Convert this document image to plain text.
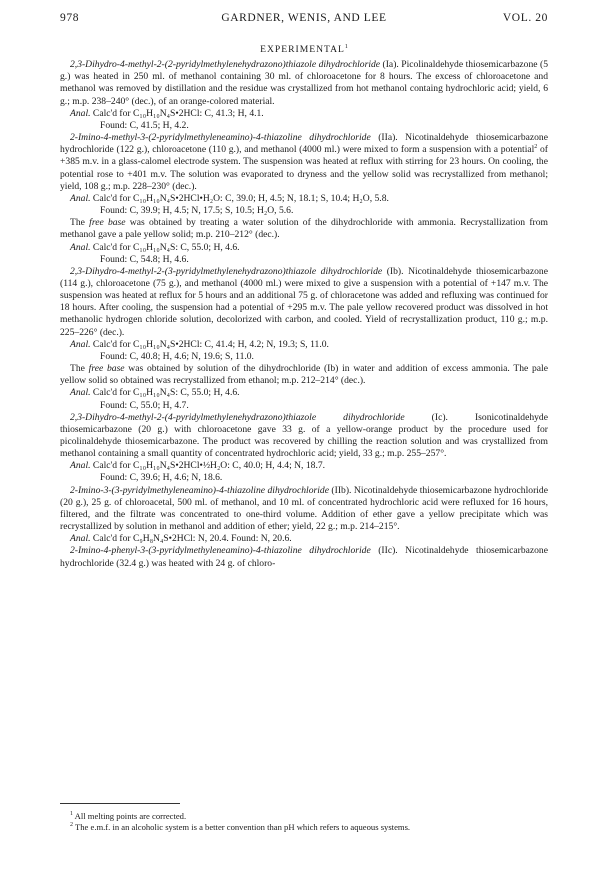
978	GARDNER, WENIS, AND LEE	VOL. 20
EXPERIMENTAL$^1$

2,3-Dihydro-4-methyl-2-(2-pyridylmethylenehydrazono)thiazole dihydrochloride (Ia). Picolinaldehyde thiosemicarbazone (5 g.) was heated in 250 ml. of methanol containing 30 ml. of chloroacetone for 8 hours. The excess of chloroacetone and methanol was removed by distillation and the residue was crystallized from hot methanol containg hydrochloric acid; yield, 6 g.; m.p. 238–240° (dec.), of an orange-colored material.

Anal. Calc'd for C₁₀H₁₀N₄S•2HCl: C, 41.3; H, 4.1.

Found: C, 41.5; H, 4.2.

2-Imino-4-methyl-3-(2-pyridylmethyleneamino)-4-thiazoline dihydrochloride (IIa). Nicotinaldehyde thiosemicarbazone hydrochloride (122 g.), chloroacetone (110 g.), and methanol (4000 ml.) were mixed to form a suspension with a potential$^2$ of +385 m.v. in a glass-calomel electrode system. The suspension was heated at reflux with stirring for 23 hours. On cooling, the potential rose to +401 m.v. The solution was evaporated to dryness and the yellow solid was recrystallized from methanol; yield, 108 g.; m.p. 228–230° (dec.).

Anal. Calc'd for C₁₀H₁₀N₄S•2HCl•H₂O: C, 39.0; H, 4.5; N, 18.1; S, 10.4; H₂O, 5.8.

Found: C, 39.9; H, 4.5; N, 17.5; S, 10.5; H₂O, 5.6.

The free base was obtained by treating a water solution of the dihydrochloride with ammonia. Recrystallization from methanol gave a pale yellow solid; m.p. 210–212° (dec.).

Anal. Calc'd for C₁₀H₁₀N₄S: C, 55.0; H, 4.6.

Found: C, 54.8; H, 4.6.

2,3-Dihydro-4-methyl-2-(3-pyridylmethylenehydrazono)thiazole dihydrochloride (Ib). Nicotinaldehyde thiosemicarbazone (114 g.), chloroacetone (75 g.), and methanol (4000 ml.) were mixed to give a suspension with a potential of +147 m.v. The suspension was heated at reflux for 5 hours and an additional 75 g. of chloracetone was added and refluxing was continued for 18 hours. After cooling, the suspension had a potential of +295 m.v. The pale yellow recovered product was dissolved in hot methanolic hydrogen chloride solution, decolorized with carbon, and cooled. Yield of recrystallization product, 110 g.; m.p. 225–226° (dec.).

Anal. Calc'd for C₁₀H₁₀N₄S•2HCl: C, 41.4; H, 4.2; N, 19.3; S, 11.0.

Found: C, 40.8; H, 4.6; N, 19.6; S, 11.0.

The free base was obtained by solution of the dihydrochloride (Ib) in water and addition of excess ammonia. The pale yellow solid so obtained was recrystallized from ethanol; m.p. 212–214° (dec.).

Anal. Calc'd for C₁₀H₁₀N₄S: C, 55.0; H, 4.6.

Found: C, 55.0; H, 4.7.

2,3-Dihydro-4-methyl-2-(4-pyridylmethylenehydrazono)thiazole dihydrochloride (Ic). Isonicotinaldehyde thiosemicarbazone (20 g.) with chloroacetone gave 33 g. of a yellow-orange product by the procedure used for picolinaldehyde thiosemicarbazone. The product was recovered by chilling the reaction solution and was crystallized from methanol containing a small quantity of concentrated hydrochloric acid; yield, 33 g.; m.p. 255–257°.

Anal. Calc'd for C₁₀H₁₀N₄S•2HCl•½H₂O: C, 40.0; H, 4.4; N, 18.7.

Found: C, 39.6; H, 4.6; N, 18.6.

2-Imino-3-(3-pyridylmethyleneamino)-4-thiazoline dihydrochloride (IIb). Nicotinaldehyde thiosemicarbazone hydrochloride (20 g.), 25 g. of chloroacetal, 500 ml. of methanol, and 10 ml. of concentrated hydrochloric acid were refluxed for 16 hours, filtered, and the filtrate was concentrated to one-third volume. Addition of ether gave a yellow precipitate which was recrystallized by solution in methanol and addition of ether; yield, 22 g.; m.p. 214–215°.

Anal. Calc'd for C₉H₈N₄S•2HCl: N, 20.4. Found: N, 20.6.

2-Imino-4-phenyl-3-(3-pyridylmethyleneamino)-4-thiazoline dihydrochloride (IIc). Nicotinaldehyde thiosemicarbazone hydrochloride (32.4 g.) was heated with 24 g. of chloro-

$^1$ All melting points are corrected.
$^2$ The e.m.f. in an alcoholic system is a better convention than pH which refers to aqueous systems.
